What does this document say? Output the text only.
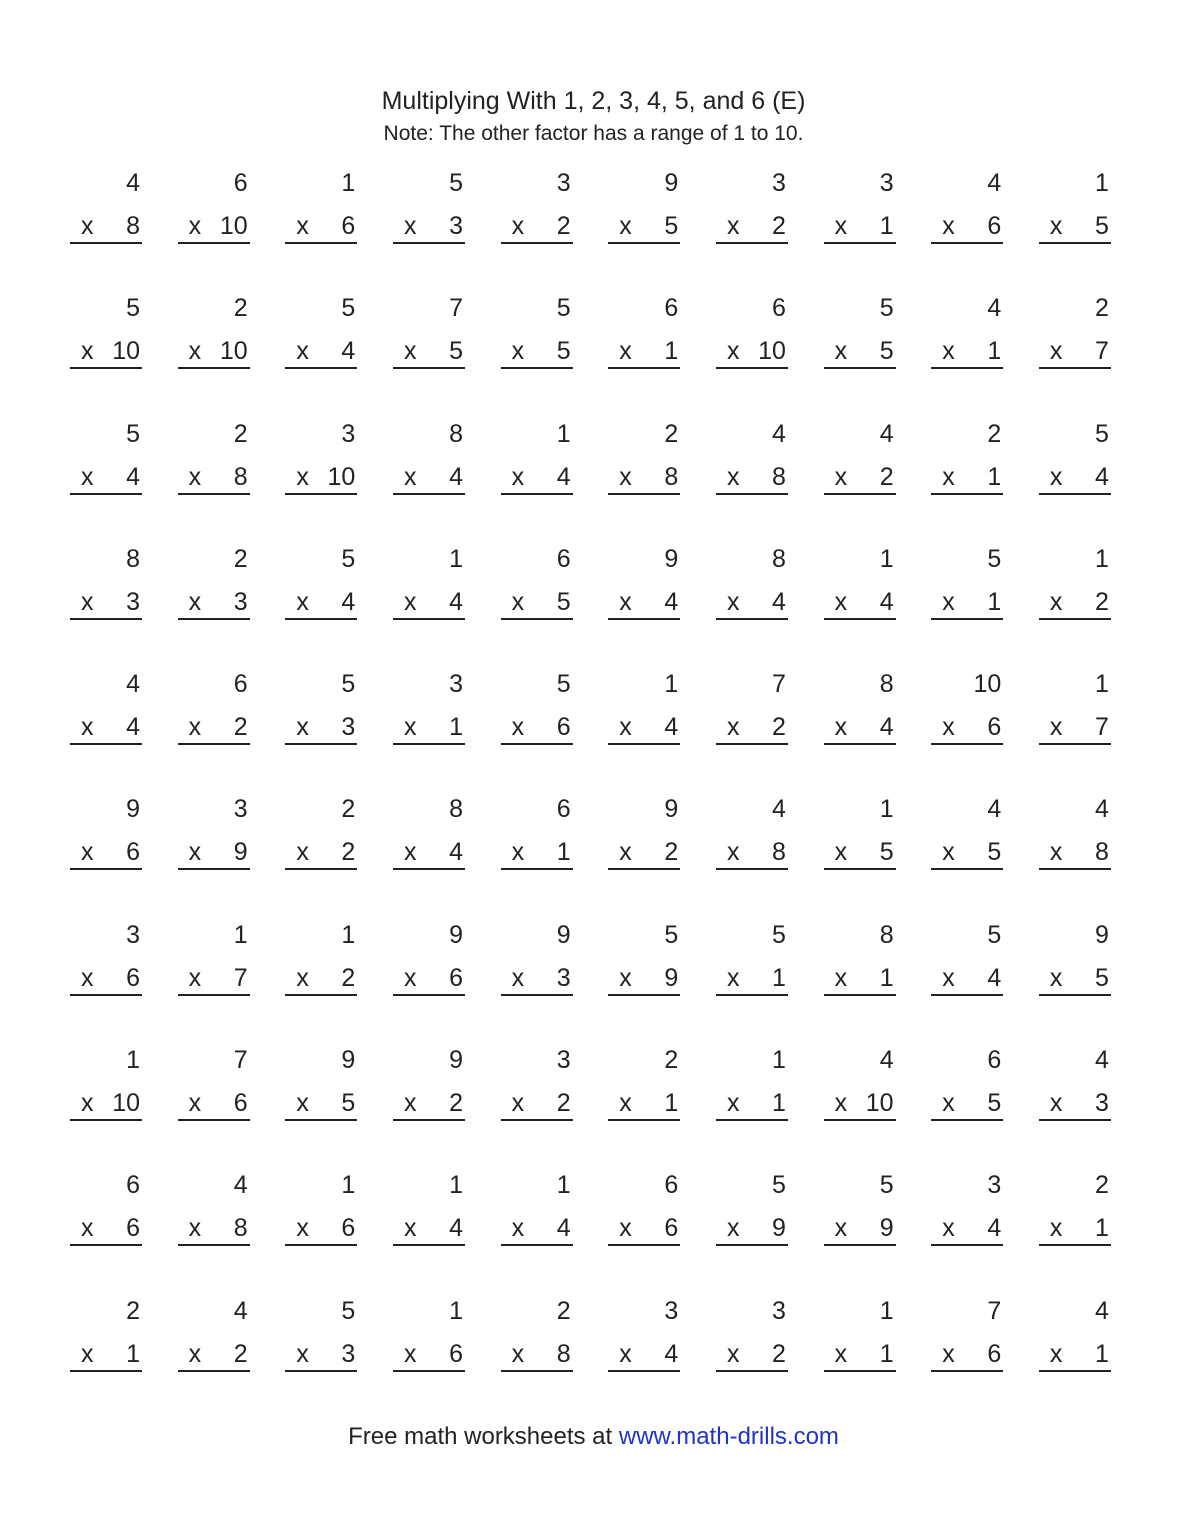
Multiplying With 1, 2, 3, 4, 5, and 6 (E)
Note: The other factor has a range of 1 to 10.
4
x 8
6
x 10
1
x 6
5
x 3
3
x 2
9
x 5
3
x 2
3
x 1
4
x 6
1
x 5
5
x 10
2
x 10
5
x 4
7
x 5
5
x 5
6
x 1
6
x 10
5
x 5
4
x 1
2
x 7
5
x 4
2
x 8
3
x 10
8
x 4
1
x 4
2
x 8
4
x 8
4
x 2
2
x 1
5
x 4
8
x 3
2
x 3
5
x 4
1
x 4
6
x 5
9
x 4
8
x 4
1
x 4
5
x 1
1
x 2
4
x 4
6
x 2
5
x 3
3
x 1
5
x 6
1
x 4
7
x 2
8
x 4
10
x 6
1
x 7
9
x 6
3
x 9
2
x 2
8
x 4
6
x 1
9
x 2
4
x 8
1
x 5
4
x 5
4
x 8
3
x 6
1
x 7
1
x 2
9
x 6
9
x 3
5
x 9
5
x 1
8
x 1
5
x 4
9
x 5
1
x 10
7
x 6
9
x 5
9
x 2
3
x 2
2
x 1
1
x 1
4
x 10
6
x 5
4
x 3
6
x 6
4
x 8
1
x 6
1
x 4
1
x 4
6
x 6
5
x 9
5
x 9
3
x 4
2
x 1
2
x 1
4
x 2
5
x 3
1
x 6
2
x 8
3
x 4
3
x 2
1
x 1
7
x 6
4
x 1
Free math worksheets at www.math-drills.com
